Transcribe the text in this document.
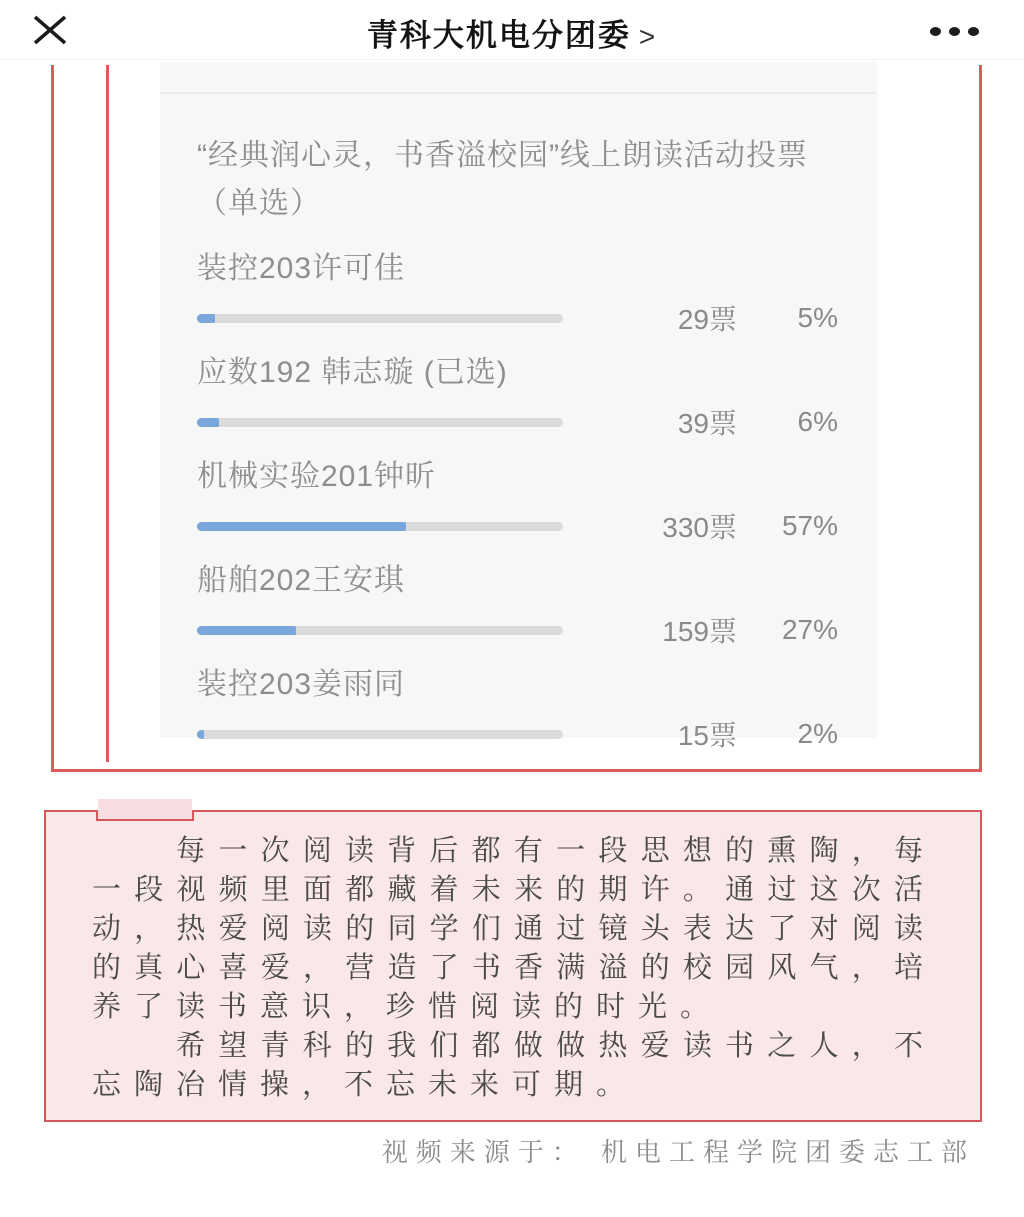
青科大机电分团委 >
“经典润心灵，书香溢校园”线上朗读活动投票 （单选）
装控203许可佳
29票	5%
应数192 韩志璇 (已选)
39票	6%
机械实验201钟昕
330票	57%
船舶202王安琪
159票	27%
装控203姜雨同
15票	2%

每一次阅读背后都有一段思想的熏陶，每一段视频里面都藏着未来的期许。通过这次活动，热爱阅读的同学们通过镜头表达了对阅读的真心喜爱，营造了书香满溢的校园风气，培养了读书意识，珍惜阅读的时光。

希望青科的我们都做做热爱读书之人，不忘陶冶情操，不忘未来可期。

视频来源于： 机电工程学院团委志工部
